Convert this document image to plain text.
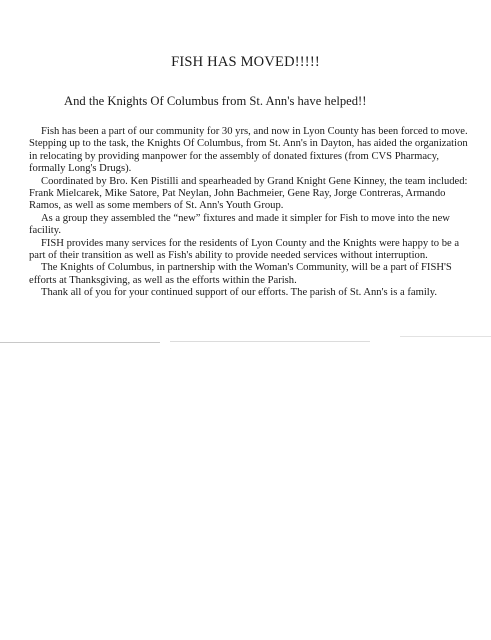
FISH HAS MOVED!!!!!
And the Knights Of Columbus from St. Ann's have helped!!

Fish has been a part of our community for 30 yrs, and now in Lyon County has been forced to move. Stepping up to the task, the Knights Of Columbus, from St. Ann's in Dayton, has aided the organization in relocating by providing manpower for the assembly of donated fixtures (from CVS Pharmacy, formally Long's Drugs).

Coordinated by Bro. Ken Pistilli and spearheaded by Grand Knight Gene Kinney, the team included: Frank Mielcarek, Mike Satore, Pat Neylan, John Bachmeier, Gene Ray, Jorge Contreras, Armando Ramos, as well as some members of St. Ann's Youth Group.

As a group they assembled the “new” fixtures and made it simpler for Fish to move into the new facility.

FISH provides many services for the residents of Lyon County and the Knights were happy to be a part of their transition as well as Fish's ability to provide needed services without interruption.

The Knights of Columbus, in partnership with the Woman's Community, will be a part of FISH'S efforts at Thanksgiving, as well as the efforts within the Parish.

Thank all of you for your continued support of our efforts. The parish of St. Ann's is a family.
